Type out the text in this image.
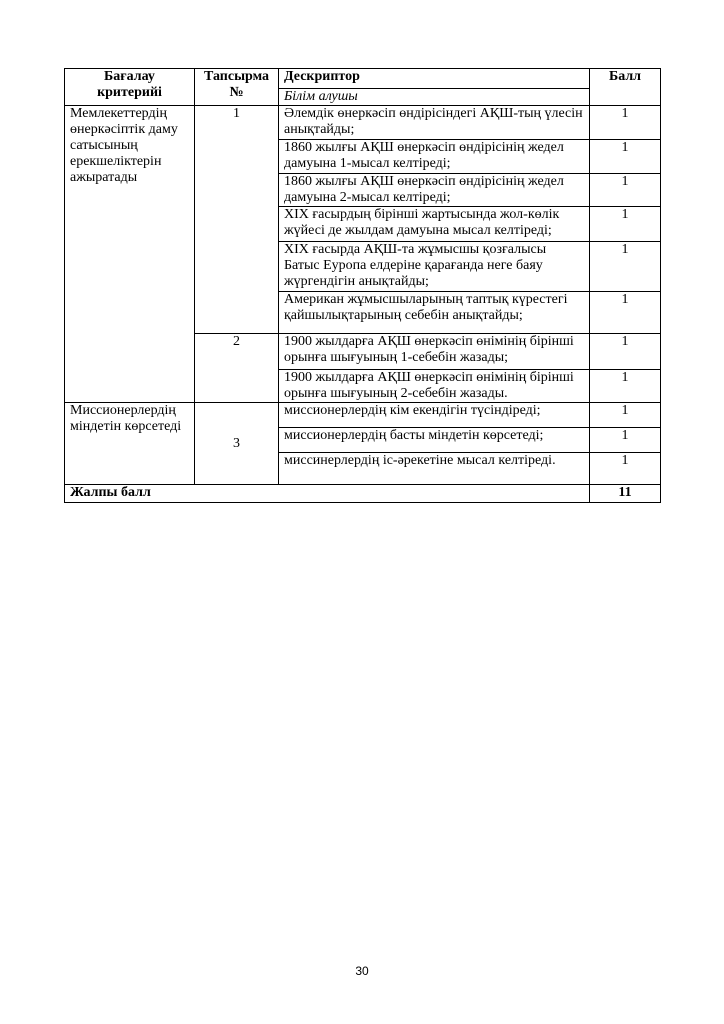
Бағалау критерийі	Тапсырма №	Дескриптор	Балл
		Білім алушы	
Мемлекеттердің өнеркәсіптік даму сатысының ерекшеліктерін ажыратады	1	Әлемдік өнеркәсіп өндірісіндегі АҚШ-тың үлесін анықтайды;	1
		1860 жылғы АҚШ өнеркәсіп өндірісінің жедел дамуына 1-мысал келтіреді;	1
		1860 жылғы АҚШ өнеркәсіп өндірісінің жедел дамуына 2-мысал келтіреді;	1
		XIX ғасырдың бірінші жартысында жол-көлік жүйесі де жылдам дамуына мысал келтіреді;	1
		XIX ғасырда АҚШ-та жұмысшы қозғалысы Батыс Еуропа елдеріне қарағанда неге баяу жүргендігін анықтайды;	1
		Американ жұмысшыларының таптық күрестегі қайшылықтарының себебін анықтайды;	1
	2	1900 жылдарға АҚШ өнеркәсіп өнімінің бірінші орынға шығуының 1-себебін жазады;	1
		1900 жылдарға АҚШ өнеркәсіп өнімінің бірінші орынға шығуының 2-себебін жазады.	1
Миссионерлердің міндетін көрсетеді	3	миссионерлердің кім екендігін түсіндіреді;	1
		миссионерлердің басты міндетін көрсетеді;	1
		миссинерлердің іс-әрекетіне мысал келтіреді.	1
Жалпы балл			11
30
